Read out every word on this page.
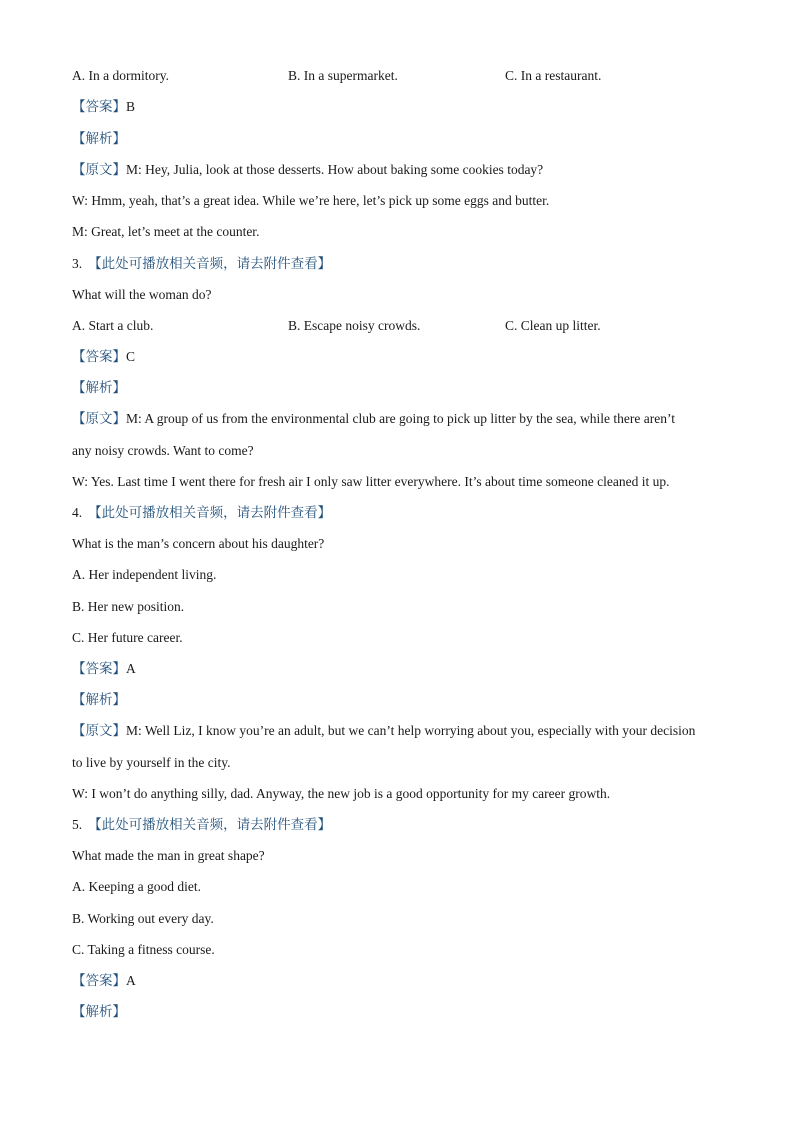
A. In a dormitory.	B. In a supermarket.	C. In a restaurant.
【答案】B
【解析】
【原文】M: Hey, Julia, look at those desserts. How about baking some cookies today?
W: Hmm, yeah, that’s a great idea. While we’re here, let’s pick up some eggs and butter.
M: Great, let’s meet at the counter.
3. 【此处可播放相关音频，请去附件查看】
What will the woman do?
A. Start a club.	B. Escape noisy crowds.	C. Clean up litter.
【答案】C
【解析】
【原文】M: A group of us from the environmental club are going to pick up litter by the sea, while there aren’t
any noisy crowds. Want to come?
W: Yes. Last time I went there for fresh air I only saw litter everywhere. It’s about time someone cleaned it up.
4. 【此处可播放相关音频，请去附件查看】
What is the man’s concern about his daughter?
A. Her independent living.
B. Her new position.
C. Her future career.
【答案】A
【解析】
【原文】M: Well Liz, I know you’re an adult, but we can’t help worrying about you, especially with your decision
to live by yourself in the city.
W: I won’t do anything silly, dad. Anyway, the new job is a good opportunity for my career growth.
5. 【此处可播放相关音频，请去附件查看】
What made the man in great shape?
A. Keeping a good diet.
B. Working out every day.
C. Taking a fitness course.
【答案】A
【解析】
